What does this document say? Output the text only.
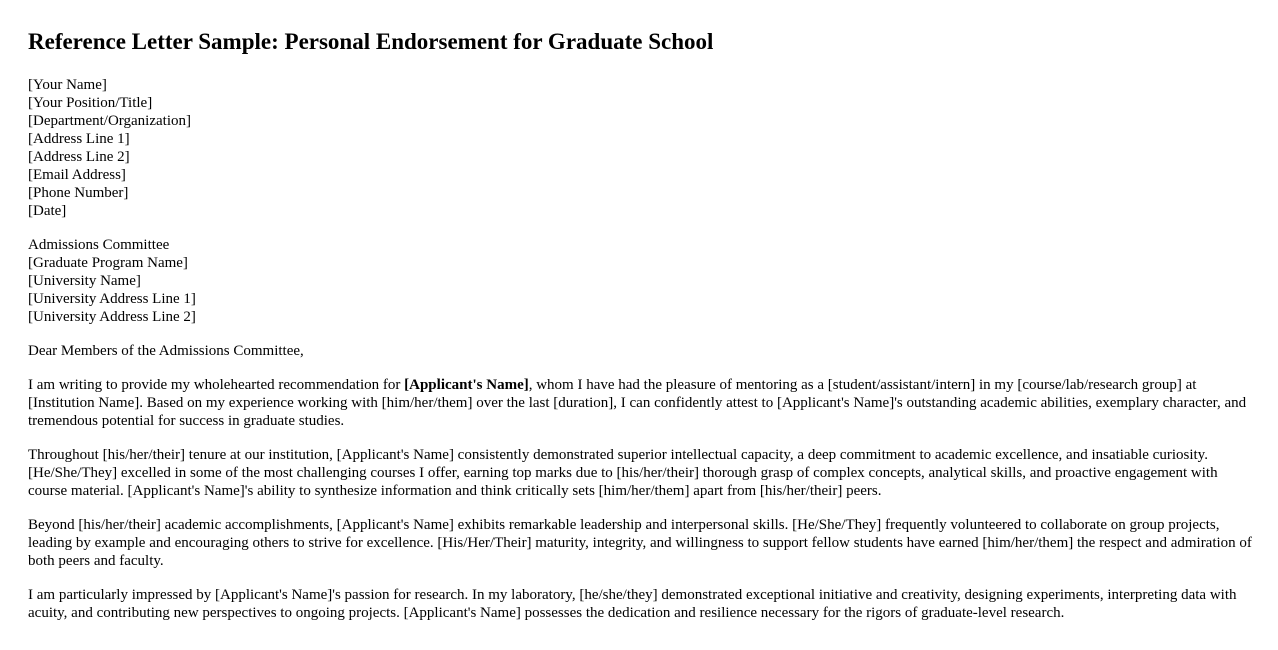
Reference Letter Sample: Personal Endorsement for Graduate School
[Your Name]
[Your Position/Title]
[Department/Organization]
[Address Line 1]
[Address Line 2]
[Email Address]
[Phone Number]
[Date]
Admissions Committee
[Graduate Program Name]
[University Name]
[University Address Line 1]
[University Address Line 2]

Dear Members of the Admissions Committee,

I am writing to provide my wholehearted recommendation for [Applicant's Name], whom I have had the pleasure of mentoring as a [student/assistant/intern] in my [course/lab/research group] at [Institution Name]. Based on my experience working with [him/her/them] over the last [duration], I can confidently attest to [Applicant's Name]'s outstanding academic abilities, exemplary character, and tremendous potential for success in graduate studies.

Throughout [his/her/their] tenure at our institution, [Applicant's Name] consistently demonstrated superior intellectual capacity, a deep commitment to academic excellence, and insatiable curiosity. [He/She/They] excelled in some of the most challenging courses I offer, earning top marks due to [his/her/their] thorough grasp of complex concepts, analytical skills, and proactive engagement with course material. [Applicant's Name]'s ability to synthesize information and think critically sets [him/her/them] apart from [his/her/their] peers.

Beyond [his/her/their] academic accomplishments, [Applicant's Name] exhibits remarkable leadership and interpersonal skills. [He/She/They] frequently volunteered to collaborate on group projects, leading by example and encouraging others to strive for excellence. [His/Her/Their] maturity, integrity, and willingness to support fellow students have earned [him/her/them] the respect and admiration of both peers and faculty.

I am particularly impressed by [Applicant's Name]'s passion for research. In my laboratory, [he/she/they] demonstrated exceptional initiative and creativity, designing experiments, interpreting data with acuity, and contributing new perspectives to ongoing projects. [Applicant's Name] possesses the dedication and resilience necessary for the rigors of graduate-level research.
